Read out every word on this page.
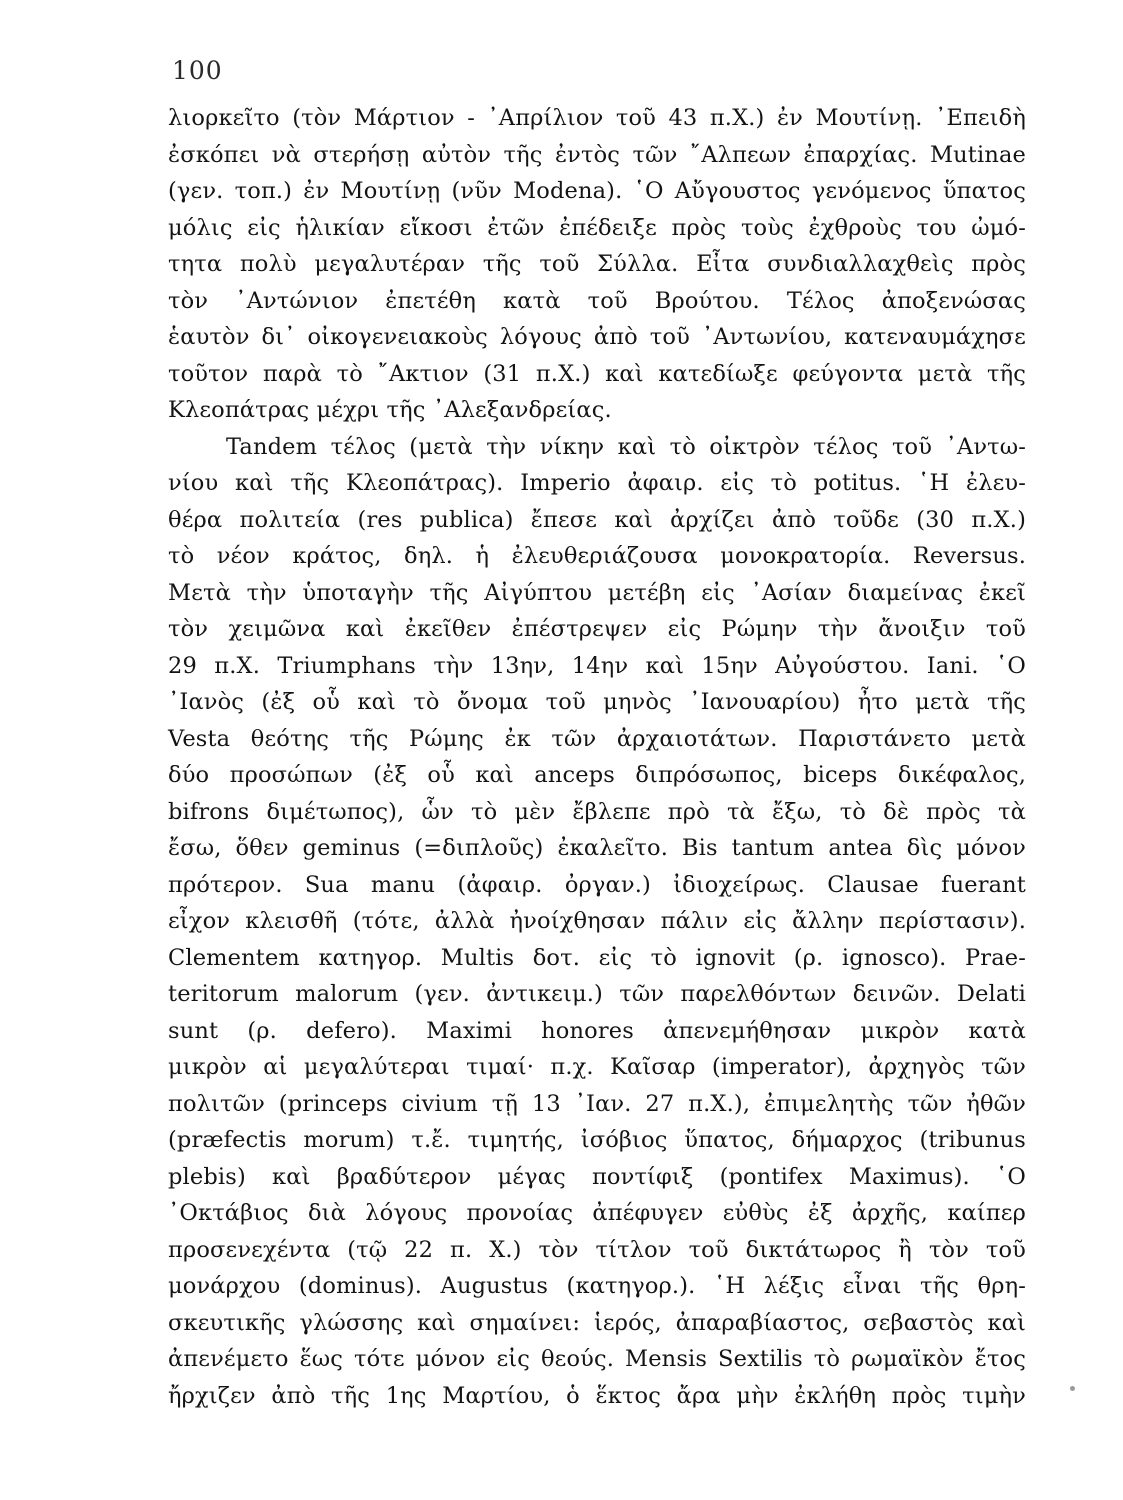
100
λιορκεῖτο (τὸν Μάρτιον - ᾿Απρίλιον τοῦ 43 π.Χ.) ἐν Μουτίνῃ. ᾿Επειδὴ
ἐσκόπει νὰ στερήσῃ αὐτὸν τῆς ἐντὸς τῶν ῎Αλπεων ἐπαρχίας. Mutinae
(γεν. τοπ.) ἐν Μουτίνῃ (νῦν Modena). ῾Ο Αὔγουστος γενόμενος ὕπατος
μόλις εἰς ἡλικίαν εἴκοσι ἐτῶν ἐπέδειξε πρὸς τοὺς ἐχθροὺς του ὠμό-
τητα πολὺ μεγαλυτέραν τῆς τοῦ Σύλλα. Εἶτα συνδιαλλαχθεὶς πρὸς
τὸν ᾿Αντώνιον ἐπετέθη κατὰ τοῦ Βρούτου. Τέλος ἀποξενώσας
ἑαυτὸν δι᾿ οἰκογενειακοὺς λόγους ἀπὸ τοῦ ᾿Αντωνίου, κατεναυμάχησε
τοῦτον παρὰ τὸ ῎Ακτιον (31 π.Χ.) καὶ κατεδίωξε φεύγοντα μετὰ τῆς
Κλεοπάτρας μέχρι τῆς ᾿Αλεξανδρείας.
Tandem τέλος (μετὰ τὴν νίκην καὶ τὸ οἰκτρὸν τέλος τοῦ ᾿Αντω-
νίου καὶ τῆς Κλεοπάτρας). Imperio ἀφαιρ. εἰς τὸ potitus. ῾Η ἐλευ-
θέρα πολιτεία (res publica) ἔπεσε καὶ ἀρχίζει ἀπὸ τοῦδε (30 π.Χ.)
τὸ νέον κράτος, δηλ. ἡ ἐλευθεριάζουσα μονοκρατορία. Reversus.
Μετὰ τὴν ὑποταγὴν τῆς Αἰγύπτου μετέβη εἰς ᾿Ασίαν διαμείνας ἐκεῖ
τὸν χειμῶνα καὶ ἐκεῖθεν ἐπέστρεψεν εἰς Ρώμην τὴν ἄνοιξιν τοῦ
29 π.Χ. Triumphans τὴν 13ην, 14ην καὶ 15ην Αὐγούστου. Iani. ῾Ο
᾿Ιανὸς (ἐξ οὗ καὶ τὸ ὄνομα τοῦ μηνὸς ᾿Ιανουαρίου) ἦτο μετὰ τῆς
Vesta θεότης τῆς Ρώμης ἐκ τῶν ἀρχαιοτάτων. Παριστάνετο μετὰ
δύο προσώπων (ἐξ οὗ καὶ anceps διπρόσωπος, biceps δικέφαλος,
bifrons διμέτωπος), ὧν τὸ μὲν ἔβλεπε πρὸ τὰ ἔξω, τὸ δὲ πρὸς τὰ
ἔσω, ὅθεν geminus (=διπλοῦς) ἐκαλεῖτο. Bis tantum antea δὶς μόνον
πρότερον. Sua manu (ἀφαιρ. ὀργαν.) ἰδιοχείρως. Clausae fuerant
εἶχον κλεισθῆ (τότε, ἀλλὰ ἠνοίχθησαν πάλιν εἰς ἄλλην περίστασιν).
Clementem κατηγορ. Multis δοτ. εἰς τὸ ignovit (ρ. ignosco). Prae-
teritorum malorum (γεν. ἀντικειμ.) τῶν παρελθόντων δεινῶν. Delati
sunt (ρ. defero). Maximi honores ἀπενεμήθησαν μικρὸν κατὰ
μικρὸν αἱ μεγαλύτεραι τιμαί· π.χ. Καῖσαρ (imperator), ἀρχηγὸς τῶν
πολιτῶν (princeps civium τῇ 13 ᾿Ιαν. 27 π.Χ.), ἐπιμελητὴς τῶν ἠθῶν
(præfectis morum) τ.ἔ. τιμητής, ἰσόβιος ὕπατος, δήμαρχος (tribunus
plebis) καὶ βραδύτερον μέγας ποντίφιξ (pontifex Maximus). ῾Ο
᾿Οκτάβιος διὰ λόγους προνοίας ἀπέφυγεν εὐθὺς ἐξ ἀρχῆς, καίπερ
προσενεχέντα (τῷ 22 π. Χ.) τὸν τίτλον τοῦ δικτάτωρος ἢ τὸν τοῦ
μονάρχου (dominus). Augustus (κατηγορ.). ῾Η λέξις εἶναι τῆς θρη-
σκευτικῆς γλώσσης καὶ σημαίνει: ἱερός, ἀπαραβίαστος, σεβαστὸς καὶ
ἀπενέμετο ἕως τότε μόνον εἰς θεούς. Mensis Sextilis τὸ ρωμαϊκὸν ἔτος
ἤρχιζεν ἀπὸ τῆς 1ης Μαρτίου, ὁ ἕκτος ἄρα μὴν ἐκλήθη πρὸς τιμὴν
